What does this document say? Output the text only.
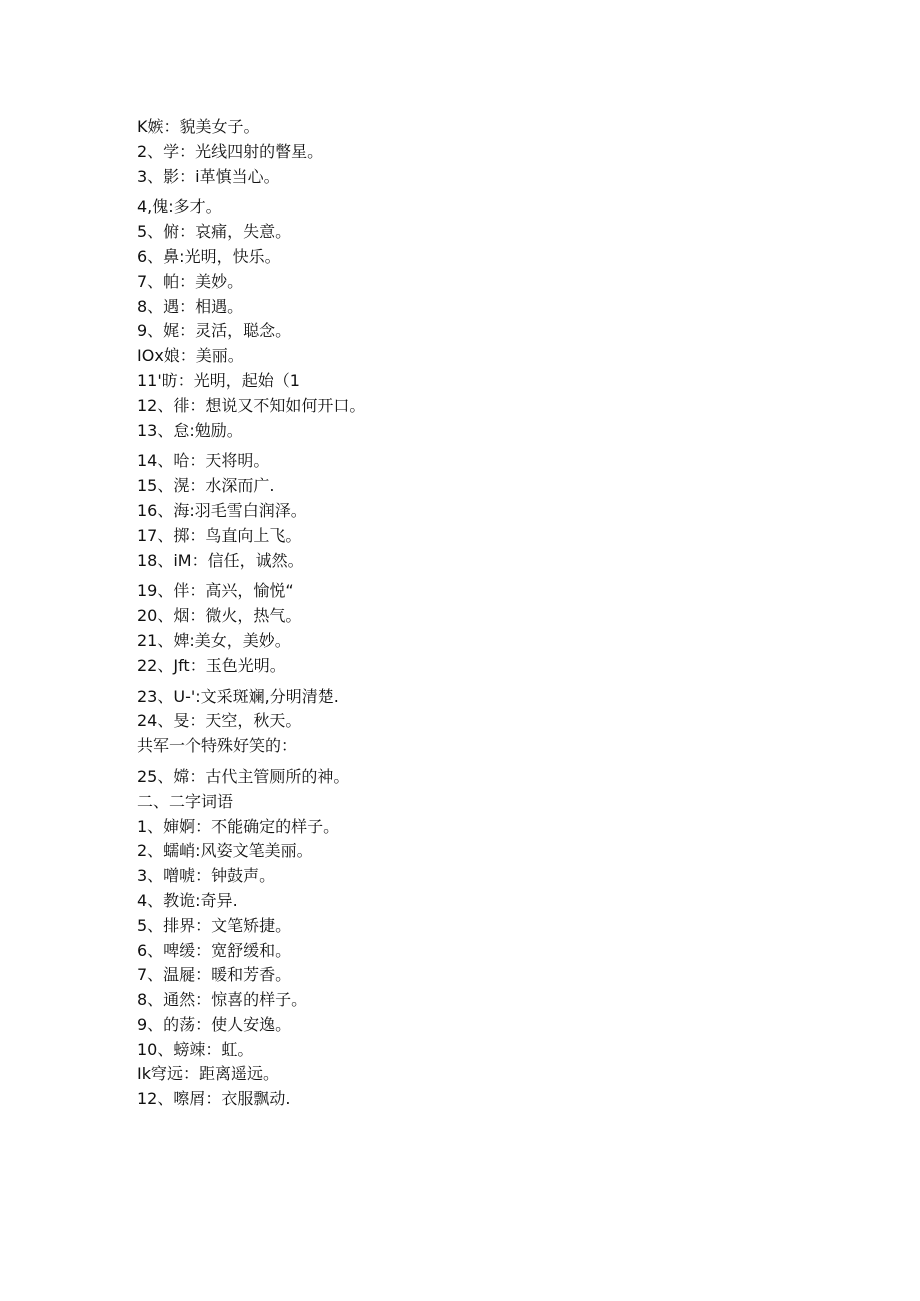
K嫉：貌美女子。
2、学：光线四射的瞥星。
3、影：i革慎当心。
4,傀:多才。
5、俯：哀痛，失意。
6、鼻:光明，快乐。
7、帕：美妙。
8、遇：相遇。
9、娓：灵活，聪念。
IOx娘：美丽。
11'昉：光明，起始（1
12、徘：想说又不知如何开口。
13、怠:勉励。
14、哈：天将明。
15、滉：水深而广.
16、海:羽毛雪白润泽。
17、掷：鸟直向上飞。
18、iM：信任，诚然。
19、伴：高兴，愉悦“
20、烟：微火，热气。
21、婢:美女，美妙。
22、Jft：玉色光明。
23、U-':文采斑斓,分明清楚.
24、旻：天空，秋天。
共军一个特殊好笑的：
25、嫦：古代主管厕所的神。
二、二字词语
1、婶婀：不能确定的样子。
2、蠕峭:风姿文笔美丽。
3、噌唬：钟鼓声。
4、教诡:奇异.
5、排界：文笔矫捷。
6、啤缓：宽舒缓和。
7、温屣：暖和芳香。
8、通然：惊喜的样子。
9、的荡：使人安逸。
10、螃竦：虹。
Ik穹远：距离遥远。
12、嚓屑：衣服飘动.
